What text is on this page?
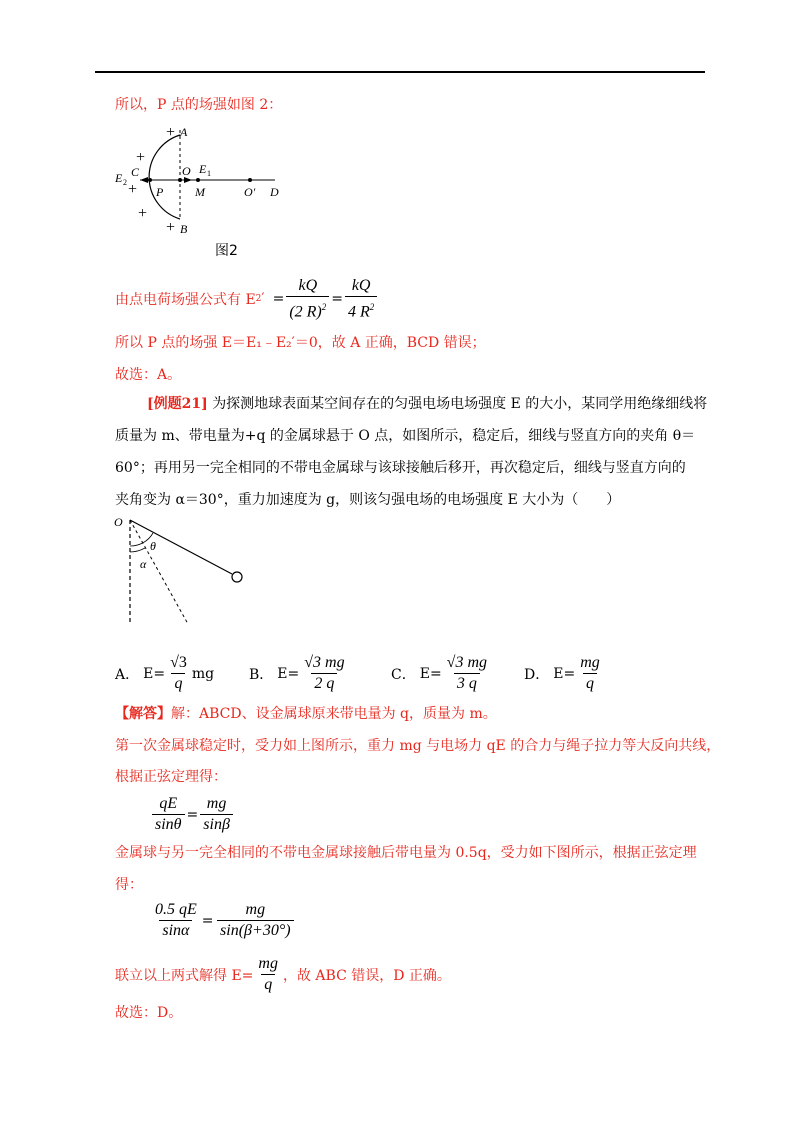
所以，P 点的场强如图 2：
+
+
+
+
+
A
B
C
E 2
O E 1
P	M	O′ D
图2
由点电荷场强公式有 E 2 ′ = $\frac{kQ}{(2 R)^2} = \frac{kQ}{4 R^2}$
所以 P 点的场强 E＝E₁﹣E₂′＝0，故 A 正确，BCD 错误；
故选：A。
[例题21] 为探测地球表面某空间存在的匀强电场电场强度 E 的大小，某同学用绝缘细线将
质量为 m、带电量为+q 的金属球悬于 O 点，如图所示，稳定后，细线与竖直方向的夹角 θ＝
60°；再用另一完全相同的不带电金属球与该球接触后移开，再次稳定后，细线与竖直方向的
夹角变为 α＝30°，重力加速度为 g，则该匀强电场的电场强度 E 大小为（　　）
O
θ
α
A． $E= \frac{√3}{q}$ mg B． $E= \frac{√3 mg}{2 q}$	C． $E= \frac{√3 mg}{3 q}$ D． $E= \frac{mg}{q}$
【解答】解：ABCD、设金属球原来带电量为 q，质量为 m。
第一次金属球稳定时，受力如上图所示，重力 mg 与电场力 qE 的合力与绳子拉力等大反向共线，
根据正弦定理得：
$\frac{qE}{\sin\theta} = \frac{mg}{\sin\beta}$
金属球与另一完全相同的不带电金属球接触后带电量为 0.5q，受力如下图所示，根据正弦定理
得：
$\frac{0.5 qE}{\sin\alpha} = \frac{mg}{\sin(\beta+30^\circ)}$
联立以上两式解得 $E= \frac{mg}{q}$ ，故 ABC 错误，D 正确。
故选：D。
